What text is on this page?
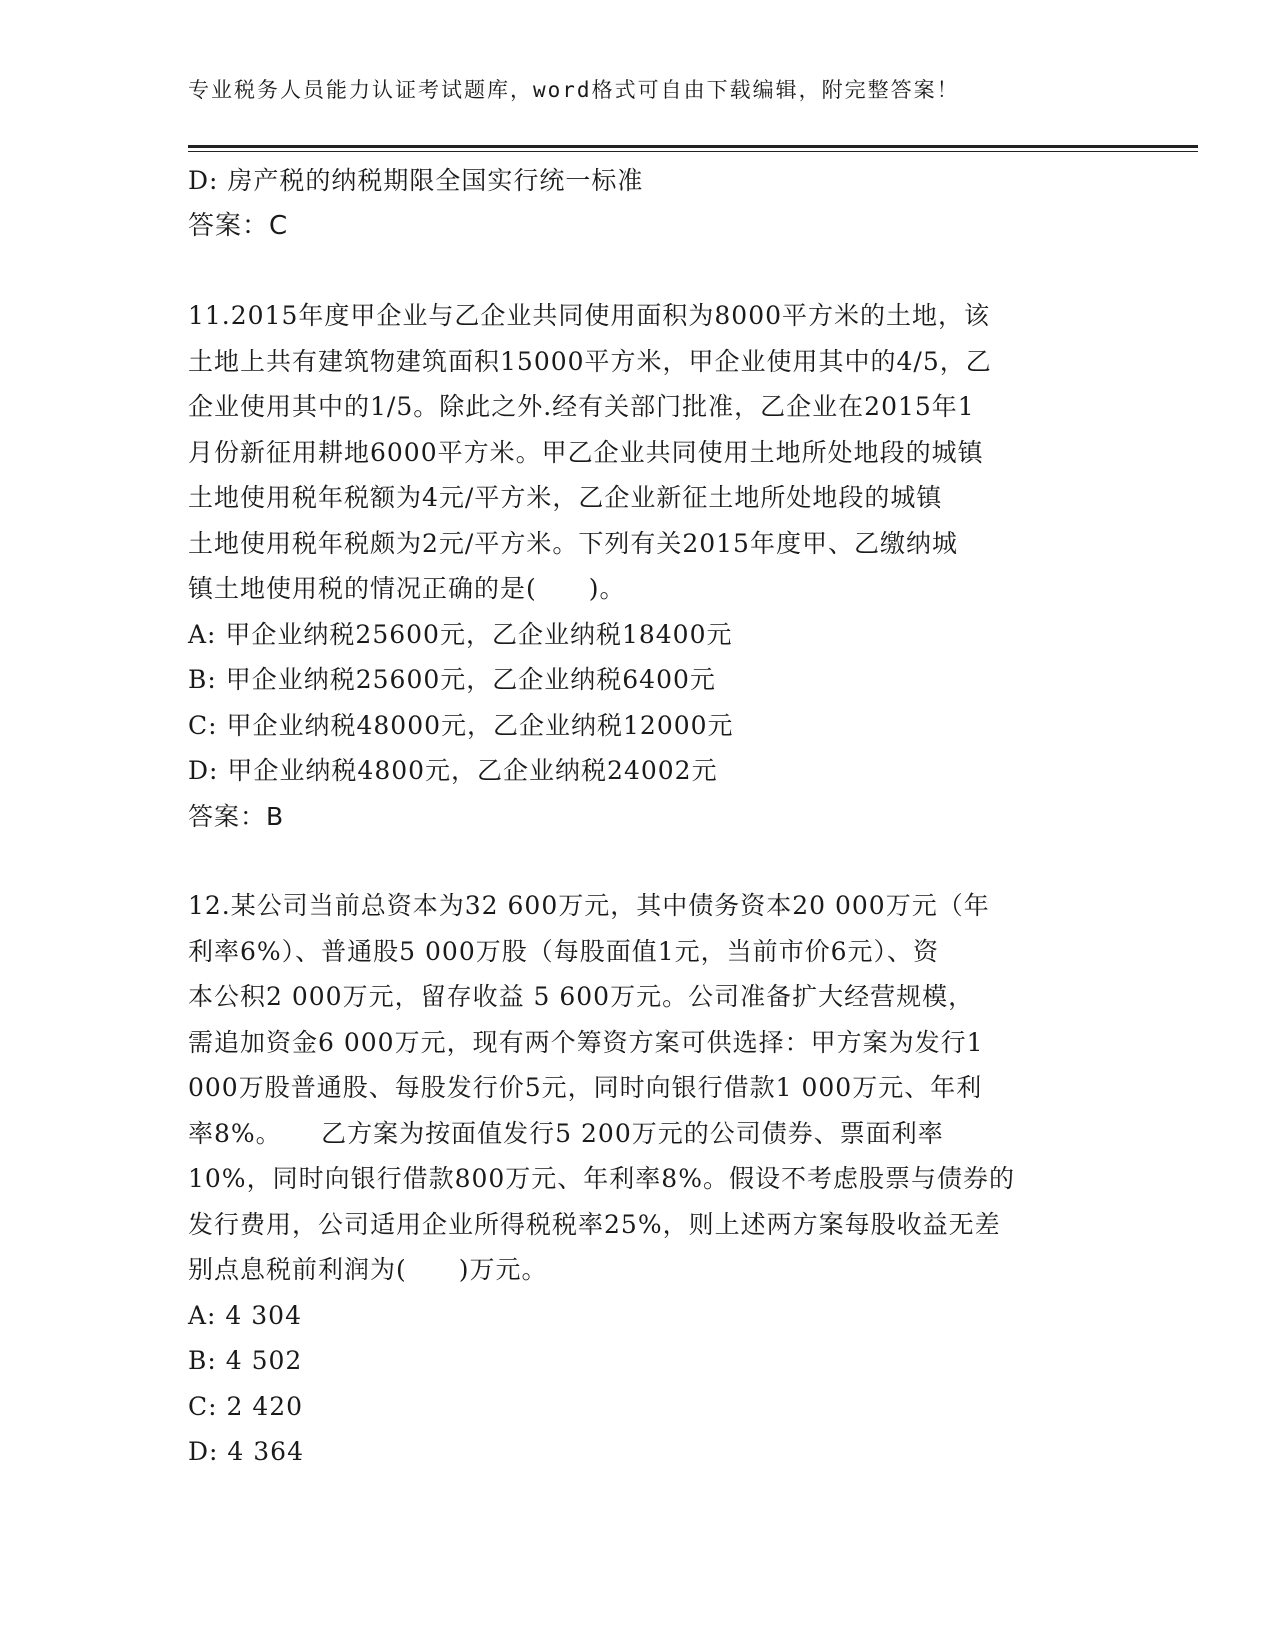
专业税务人员能力认证考试题库，word格式可自由下载编辑，附完整答案！
D: 房产税的纳税期限全国实行统一标准
答案：C
11.2015年度甲企业与乙企业共同使用面积为8000平方米的土地，该
土地上共有建筑物建筑面积15000平方米，甲企业使用其中的4/5，乙
企业使用其中的1/5。除此之外.经有关部门批准，乙企业在2015年1
月份新征用耕地6000平方米。甲乙企业共同使用土地所处地段的城镇
土地使用税年税额为4元/平方米，乙企业新征土地所处地段的城镇
土地使用税年税颇为2元/平方米。下列有关2015年度甲、乙缴纳城
镇土地使用税的情况正确的是(　　)。
A: 甲企业纳税25600元，乙企业纳税18400元
B: 甲企业纳税25600元，乙企业纳税6400元
C: 甲企业纳税48000元，乙企业纳税12000元
D: 甲企业纳税4800元，乙企业纳税24002元
答案：B
12.某公司当前总资本为32 600万元，其中债务资本20 000万元（年
利率6%）、普通股5 000万股（每股面值1元，当前市价6元）、资
本公积2 000万元，留存收益 5 600万元。公司准备扩大经营规模，
需追加资金6 000万元，现有两个筹资方案可供选择：甲方案为发行1
000万股普通股、每股发行价5元，同时向银行借款1 000万元、年利
率8%。　　乙方案为按面值发行5 200万元的公司债券、票面利率
10%，同时向银行借款800万元、年利率8%。假设不考虑股票与债券的
发行费用，公司适用企业所得税税率25%，则上述两方案每股收益无差
别点息税前利润为(　　)万元。
A: 4 304
B: 4 502
C: 2 420
D: 4 364
